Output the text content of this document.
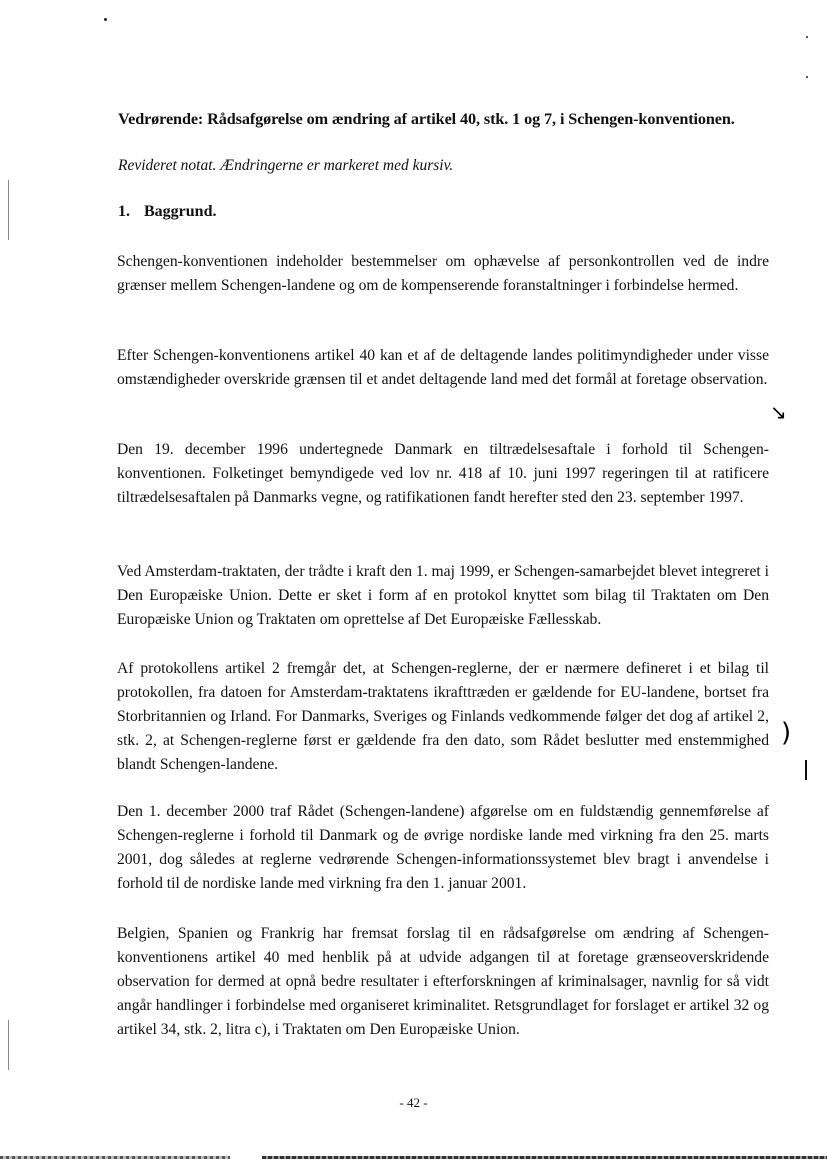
Vedrørende: Rådsafgørelse om ændring af artikel 40, stk. 1 og 7, i Schengen-konventionen.
Revideret notat. Ændringerne er markeret med kursiv.
1. Baggrund.
Schengen-konventionen indeholder bestemmelser om ophævelse af personkontrollen ved de indre grænser mellem Schengen-landene og om de kompenserende foranstaltninger i forbindelse hermed.
Efter Schengen-konventionens artikel 40 kan et af de deltagende landes politimyndigheder under visse omstændigheder overskride grænsen til et andet deltagende land med det formål at foretage observation.
Den 19. december 1996 undertegnede Danmark en tiltrædelsesaftale i forhold til Schengen-konventionen. Folketinget bemyndigede ved lov nr. 418 af 10. juni 1997 regeringen til at ratificere tiltrædelsesaftalen på Danmarks vegne, og ratifikationen fandt herefter sted den 23. september 1997.
Ved Amsterdam-traktaten, der trådte i kraft den 1. maj 1999, er Schengen-samarbejdet blevet integreret i Den Europæiske Union. Dette er sket i form af en protokol knyttet som bilag til Traktaten om Den Europæiske Union og Traktaten om oprettelse af Det Europæiske Fællesskab.
Af protokollens artikel 2 fremgår det, at Schengen-reglerne, der er nærmere defineret i et bilag til protokollen, fra datoen for Amsterdam-traktatens ikrafttræden er gældende for EU-landene, bortset fra Storbritannien og Irland. For Danmarks, Sveriges og Finlands vedkommende følger det dog af artikel 2, stk. 2, at Schengen-reglerne først er gældende fra den dato, som Rådet beslutter med enstemmighed blandt Schengen-landene.
Den 1. december 2000 traf Rådet (Schengen-landene) afgørelse om en fuldstændig gennemførelse af Schengen-reglerne i forhold til Danmark og de øvrige nordiske lande med virkning fra den 25. marts 2001, dog således at reglerne vedrørende Schengen-informationssystemet blev bragt i anvendelse i forhold til de nordiske lande med virkning fra den 1. januar 2001.
Belgien, Spanien og Frankrig har fremsat forslag til en rådsafgørelse om ændring af Schengen-konventionens artikel 40 med henblik på at udvide adgangen til at foretage grænseoverskridende observation for dermed at opnå bedre resultater i efterforskningen af kriminalsager, navnlig for så vidt angår handlinger i forbindelse med organiseret kriminalitet. Retsgrundlaget for forslaget er artikel 32 og artikel 34, stk. 2, litra c), i Traktaten om Den Europæiske Union.
- 42 -
↘
)
